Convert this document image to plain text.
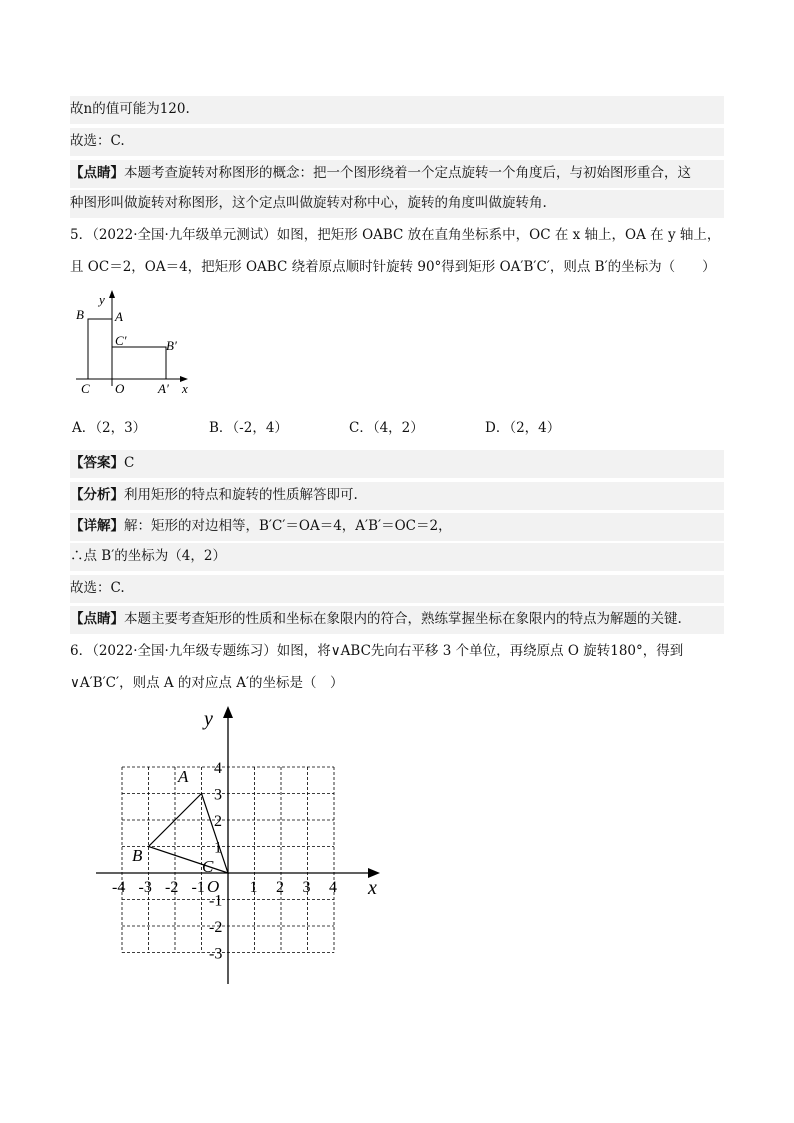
故n的值可能为120.
故选：C.
【点睛】本题考查旋转对称图形的概念：把一个图形绕着一个定点旋转一个角度后，与初始图形重合，这
种图形叫做旋转对称图形，这个定点叫做旋转对称中心，旋转的角度叫做旋转角.
5．（2022·全国·九年级单元测试）如图，把矩形 OABC 放在直角坐标系中，OC 在 x 轴上，OA 在 y 轴上，
且 OC＝2，OA＝4，把矩形 OABC 绕着原点顺时针旋转 90°得到矩形 OA′B′C′，则点 B′的坐标为（　　）
y
x
B A
C′	B′
C O	A′
A．（2，3）	B．（-2，4）	C．（4，2）	D．（2，4）
【答案】C
【分析】利用矩形的特点和旋转的性质解答即可.
【详解】解：矩形的对边相等，B′C′＝OA＝4，A′B′＝OC＝2，
∴点 B′的坐标为（4，2）
故选：C.
【点睛】本题主要考查矩形的性质和坐标在象限内的符合，熟练掌握坐标在象限内的特点为解题的关键.
6．（2022·全国·九年级专题练习）如图，将∨ABC先向右平移 3 个单位，再绕原点 O 旋转180°，得到
∨A′B′C′，则点 A 的对应点 A′的坐标是（　）
y
x
A
B
C
O
-4 -3 -2 -1	1 2 3 4
4
3
2
1
-1
-2
-3
